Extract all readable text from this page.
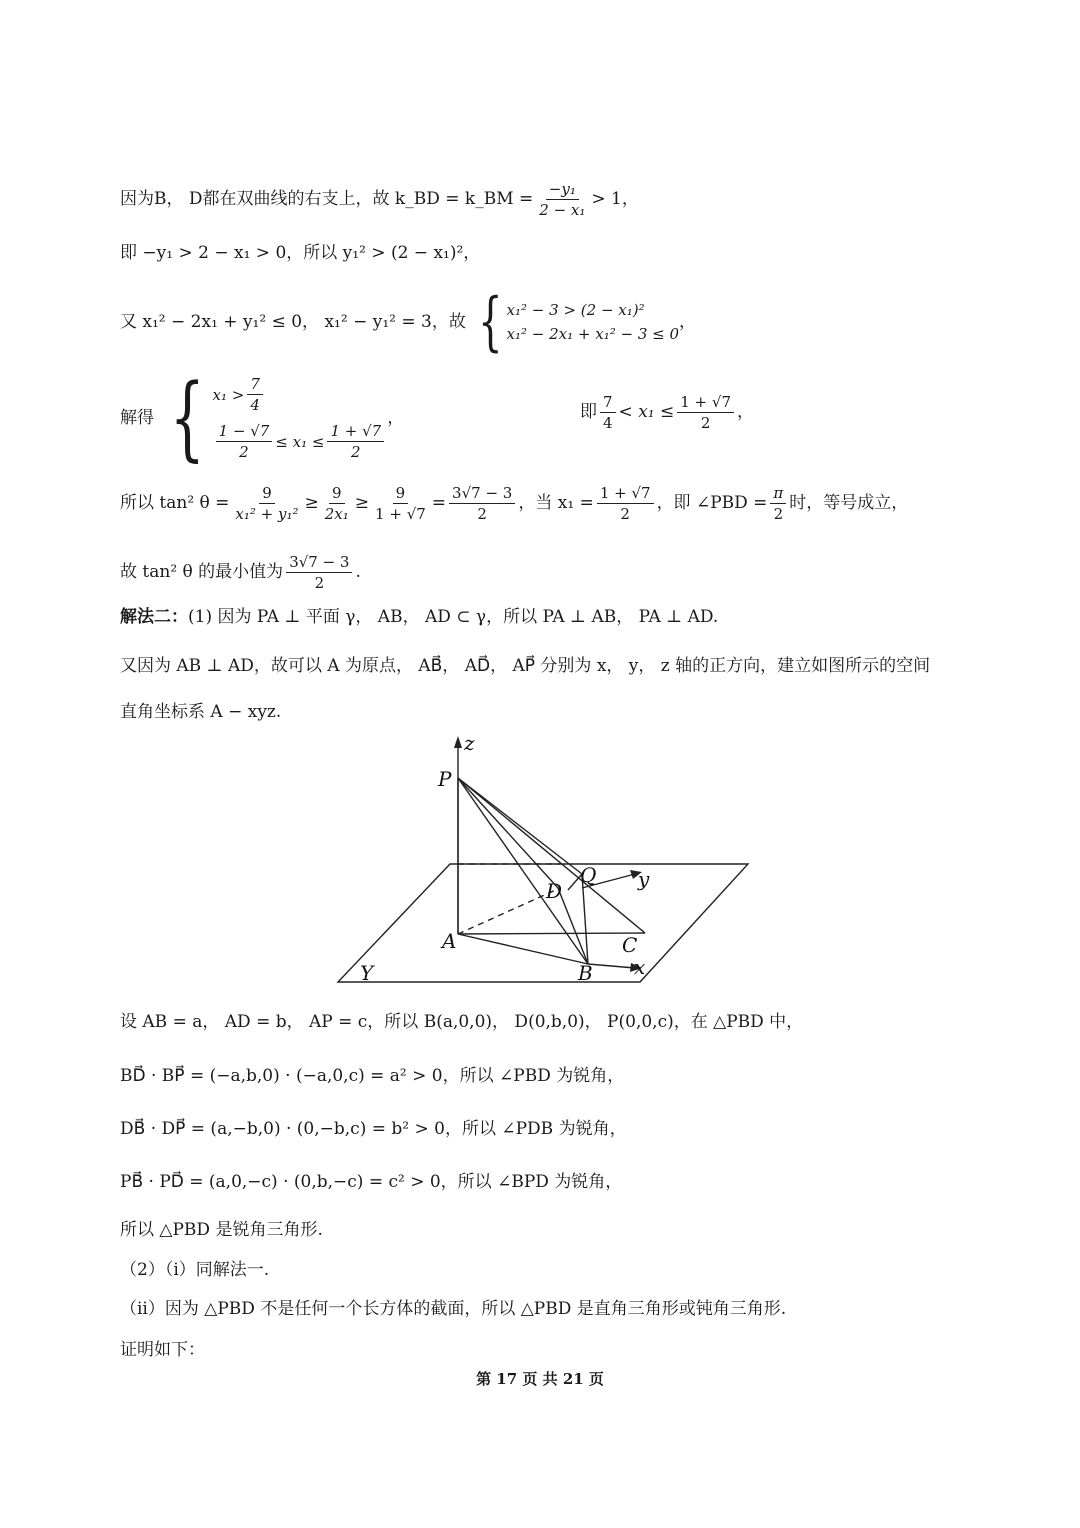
因为B， D都在双曲线的右支上，故 k_BD = k_BM = $\frac{\text{−y₁}}{\text{2 − x₁}} > 1$，
即 −y₁ > 2 − x₁ > 0，所以 y₁² > (2 − x₁)²，
又 x₁² − 2x₁ + y₁² ≤ 0， x₁² − y₁² = 3，故 { x₁² − 3 > (2 − x₁)²
x₁² − 2x₁ + x₁² − 3 ≤ 0
，
解得 { $x_1 > \frac{7}{4}$
$\frac{1 - √7}{2} \le x_1 \le \frac{1 + √7}{2}$
，	即 $\frac{7}{4} < x_1 \le \frac{1 + √7}{2}$ ，
所以 tan² $\theta = \frac{9}{\text{x₁² + y₁²}} \ge \frac{9}{\text{2x₁}} \ge \frac{9}{1 + √7} = \frac{3√7 - 3}{2}$ ，当 $x_1 = \frac{1 + √7}{2}$ ，即 ∠PBD = $\frac{\pi}{2}$ 时，等号成立，
故 tan² θ 的最小值为 $\frac{3√7 - 3}{2}$ .
解法二： (1) 因为 PA ⊥ 平面 γ， AB， AD ⊂ γ，所以 PA ⊥ AB， PA ⊥ AD.
又因为 AB ⊥ AD，故可以 A 为原点， AB⃗， AD⃗， AP⃗ 分别为 x， y， z 轴的正方向，建立如图所示的空间
直角坐标系 A − xyz.
z
P
D
Q y
A	C
B x
Υ
设 AB = a， AD = b， AP = c，所以 B(a,0,0)， D(0,b,0)， P(0,0,c)，在 △PBD 中，
BD⃗ · BP⃗ = (−a,b,0) · (−a,0,c) = a² > 0，所以 ∠PBD 为锐角，
DB⃗ · DP⃗ = (a,−b,0) · (0,−b,c) = b² > 0，所以 ∠PDB 为锐角，
PB⃗ · PD⃗ = (a,0,−c) · (0,b,−c) = c² > 0，所以 ∠BPD 为锐角，
所以 △PBD 是锐角三角形.
（2）（i）同解法一.
（ii）因为 △PBD 不是任何一个长方体的截面，所以 △PBD 是直角三角形或钝角三角形.
证明如下：
第 17 页 共 21 页
